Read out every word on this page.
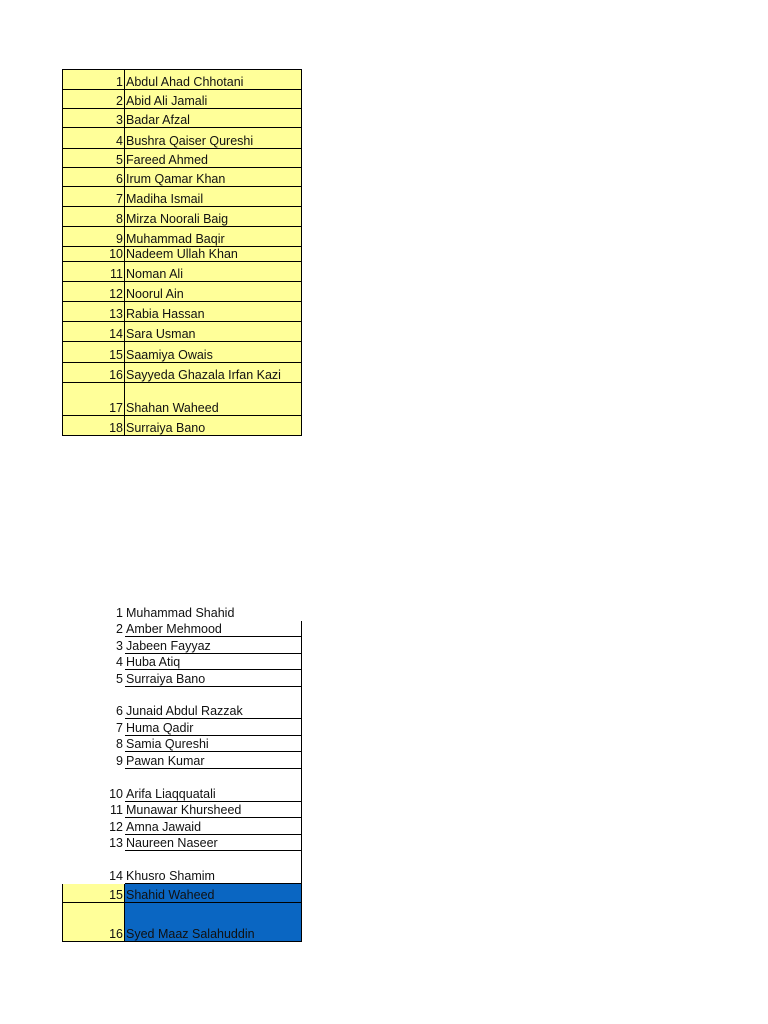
1	Abdul Ahad Chhotani
2	Abid Ali Jamali
3	Badar Afzal
4	Bushra Qaiser Qureshi
5	Fareed Ahmed
6	Irum Qamar Khan
7	Madiha Ismail
8	Mirza Noorali Baig
9	Muhammad Baqir
10	Nadeem Ullah Khan
11	Noman Ali
12	Noorul Ain
13	Rabia Hassan
14	Sara Usman
15	Saamiya Owais
16	Sayyeda Ghazala Irfan Kazi
17	Shahan Waheed
18	Surraiya Bano
1	Muhammad Shahid
2	Amber Mehmood
3	Jabeen Fayyaz
4	Huba Atiq
5	Surraiya Bano
6	Junaid Abdul Razzak
7	Huma Qadir
8	Samia Qureshi
9	Pawan Kumar
10	Arifa Liaqquatali
11	Munawar Khursheed
12	Amna Jawaid
13	Naureen Naseer
14	Khusro Shamim
15	Shahid Waheed
16	Syed Maaz Salahuddin
